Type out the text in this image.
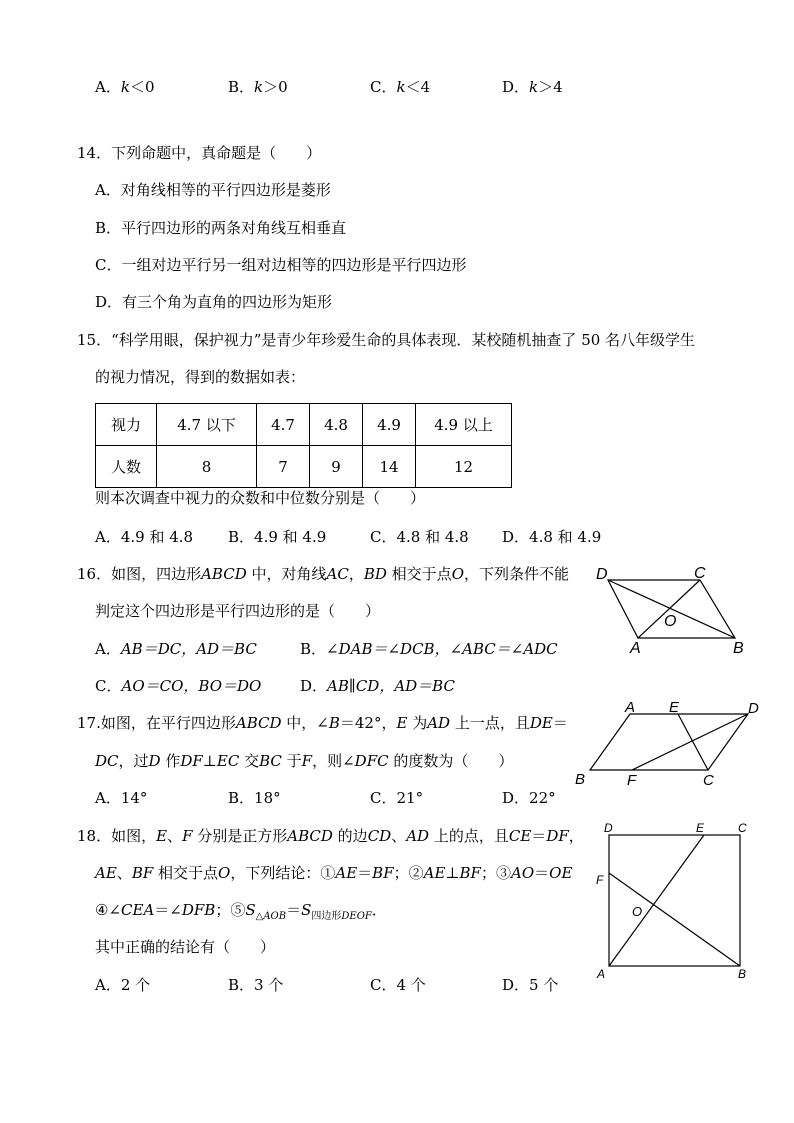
A．k＜0	B．k＞0	C．k＜4	D．k＞4
14．下列命题中，真命题是（　　）
A．对角线相等的平行四边形是菱形
B．平行四边形的两条对角线互相垂直
C．一组对边平行另一组对边相等的四边形是平行四边形
D．有三个角为直角的四边形为矩形
15．“科学用眼，保护视力”是青少年珍爱生命的具体表现．某校随机抽查了 50 名八年级学生
的视力情况，得到的数据如表：
视力	4.7 以下	4.7	4.8	4.9	4.9 以上
人数	8	7	9	14	12
则本次调查中视力的众数和中位数分别是（　　）
A．4.9 和 4.8 B．4.9 和 4.9	C．4.8 和 4.8 D．4.8 和 4.9
16．如图，四边形ABCD 中，对角线AC，BD 相交于点O，下列条件不能
判定这个四边形是平行四边形的是（　　）
A．AB＝DC，AD＝BC	B．∠DAB＝∠DCB，∠ABC＝∠ADC
C．AO＝CO，BO＝DO	D．AB∥CD，AD＝BC
D	C
O
A	B
17.如图，在平行四边形ABCD 中，∠B＝42°，E 为AD 上一点，且DE＝
DC，过D 作DF⊥EC 交BC 于F，则∠DFC 的度数为（　　）
A．14°	B．18°	C．21°	D．22°
A E	D
B	F	C
18．如图，E、F 分别是正方形ABCD 的边CD、AD 上的点，且CE＝DF，
AE、BF 相交于点O，下列结论：①AE＝BF；②AE⊥BF；③AO＝OE
④∠CEA＝∠DFB；$⑤S_{\triangle AOB}=S_{四边形DEOF}$．
其中正确的结论有（　　）
A．2 个	B．3 个	C．4 个	D．5 个
D	E	C
F
O
A	B
